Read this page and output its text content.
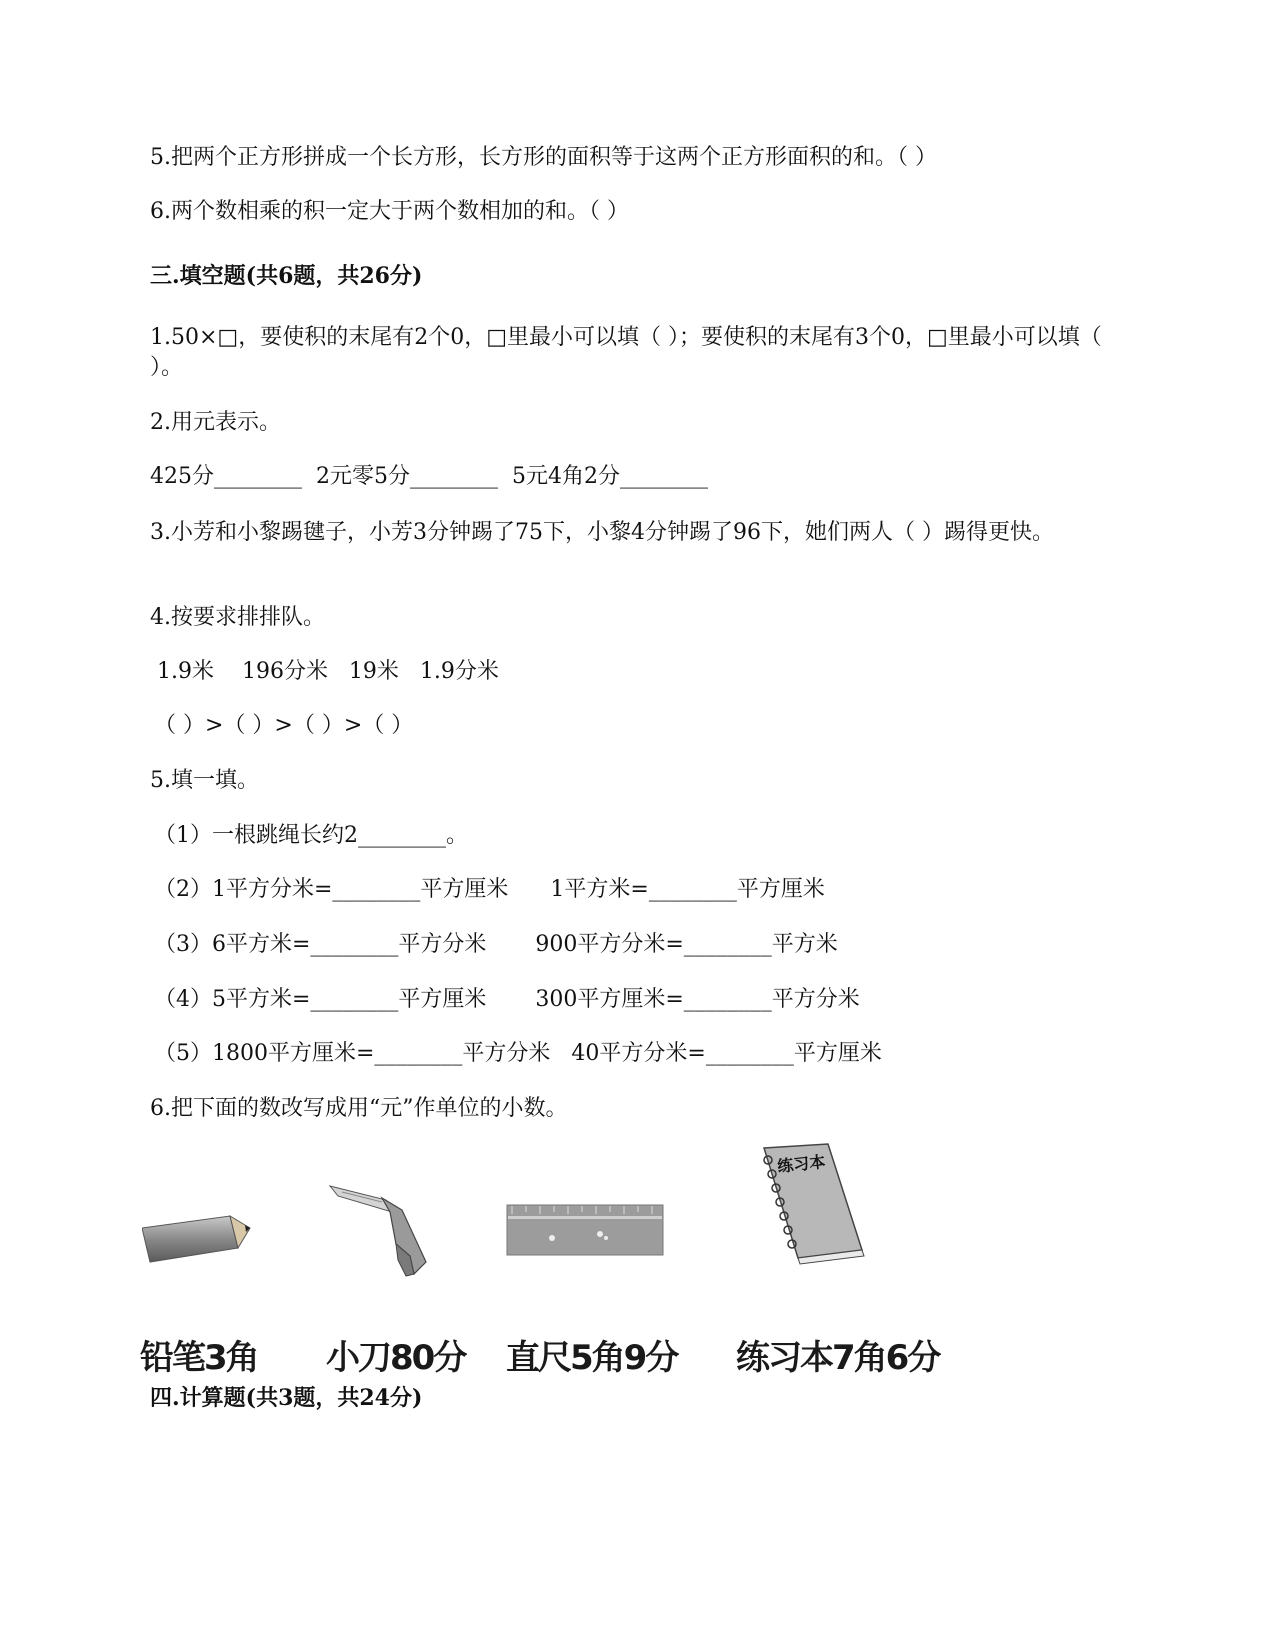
5.把两个正方形拼成一个长方形，长方形的面积等于这两个正方形面积的和。（ ）
6.两个数相乘的积一定大于两个数相加的和。（ ）
三.填空题(共6题，共26分)
1.50×□，要使积的末尾有2个0，□里最小可以填（ ）；要使积的末尾有3个0，□里最小可以填（ ）。
2.用元表示。
425分________  2元零5分________  5元4角2分________
3.小芳和小黎踢毽子，小芳3分钟踢了75下，小黎4分钟踢了96下，她们两人（ ）踢得更快。
4.按要求排排队。
1.9米    196分米   19米   1.9分米
（ ）>（ ）>（ ）>（ ）
5.填一填。
（1）一根跳绳长约2________。
（2）1平方分米=________平方厘米      1平方米=________平方厘米
（3）6平方米=________平方分米       900平方分米=________平方米
（4）5平方米=________平方厘米       300平方厘米=________平方分米
（5）1800平方厘米=________平方分米   40平方分米=________平方厘米
6.把下面的数改写成用“元”作单位的小数。
铅笔3角 小刀80分 直尺5角9分
练习本
练习本7角6分
四.计算题(共3题，共24分)
